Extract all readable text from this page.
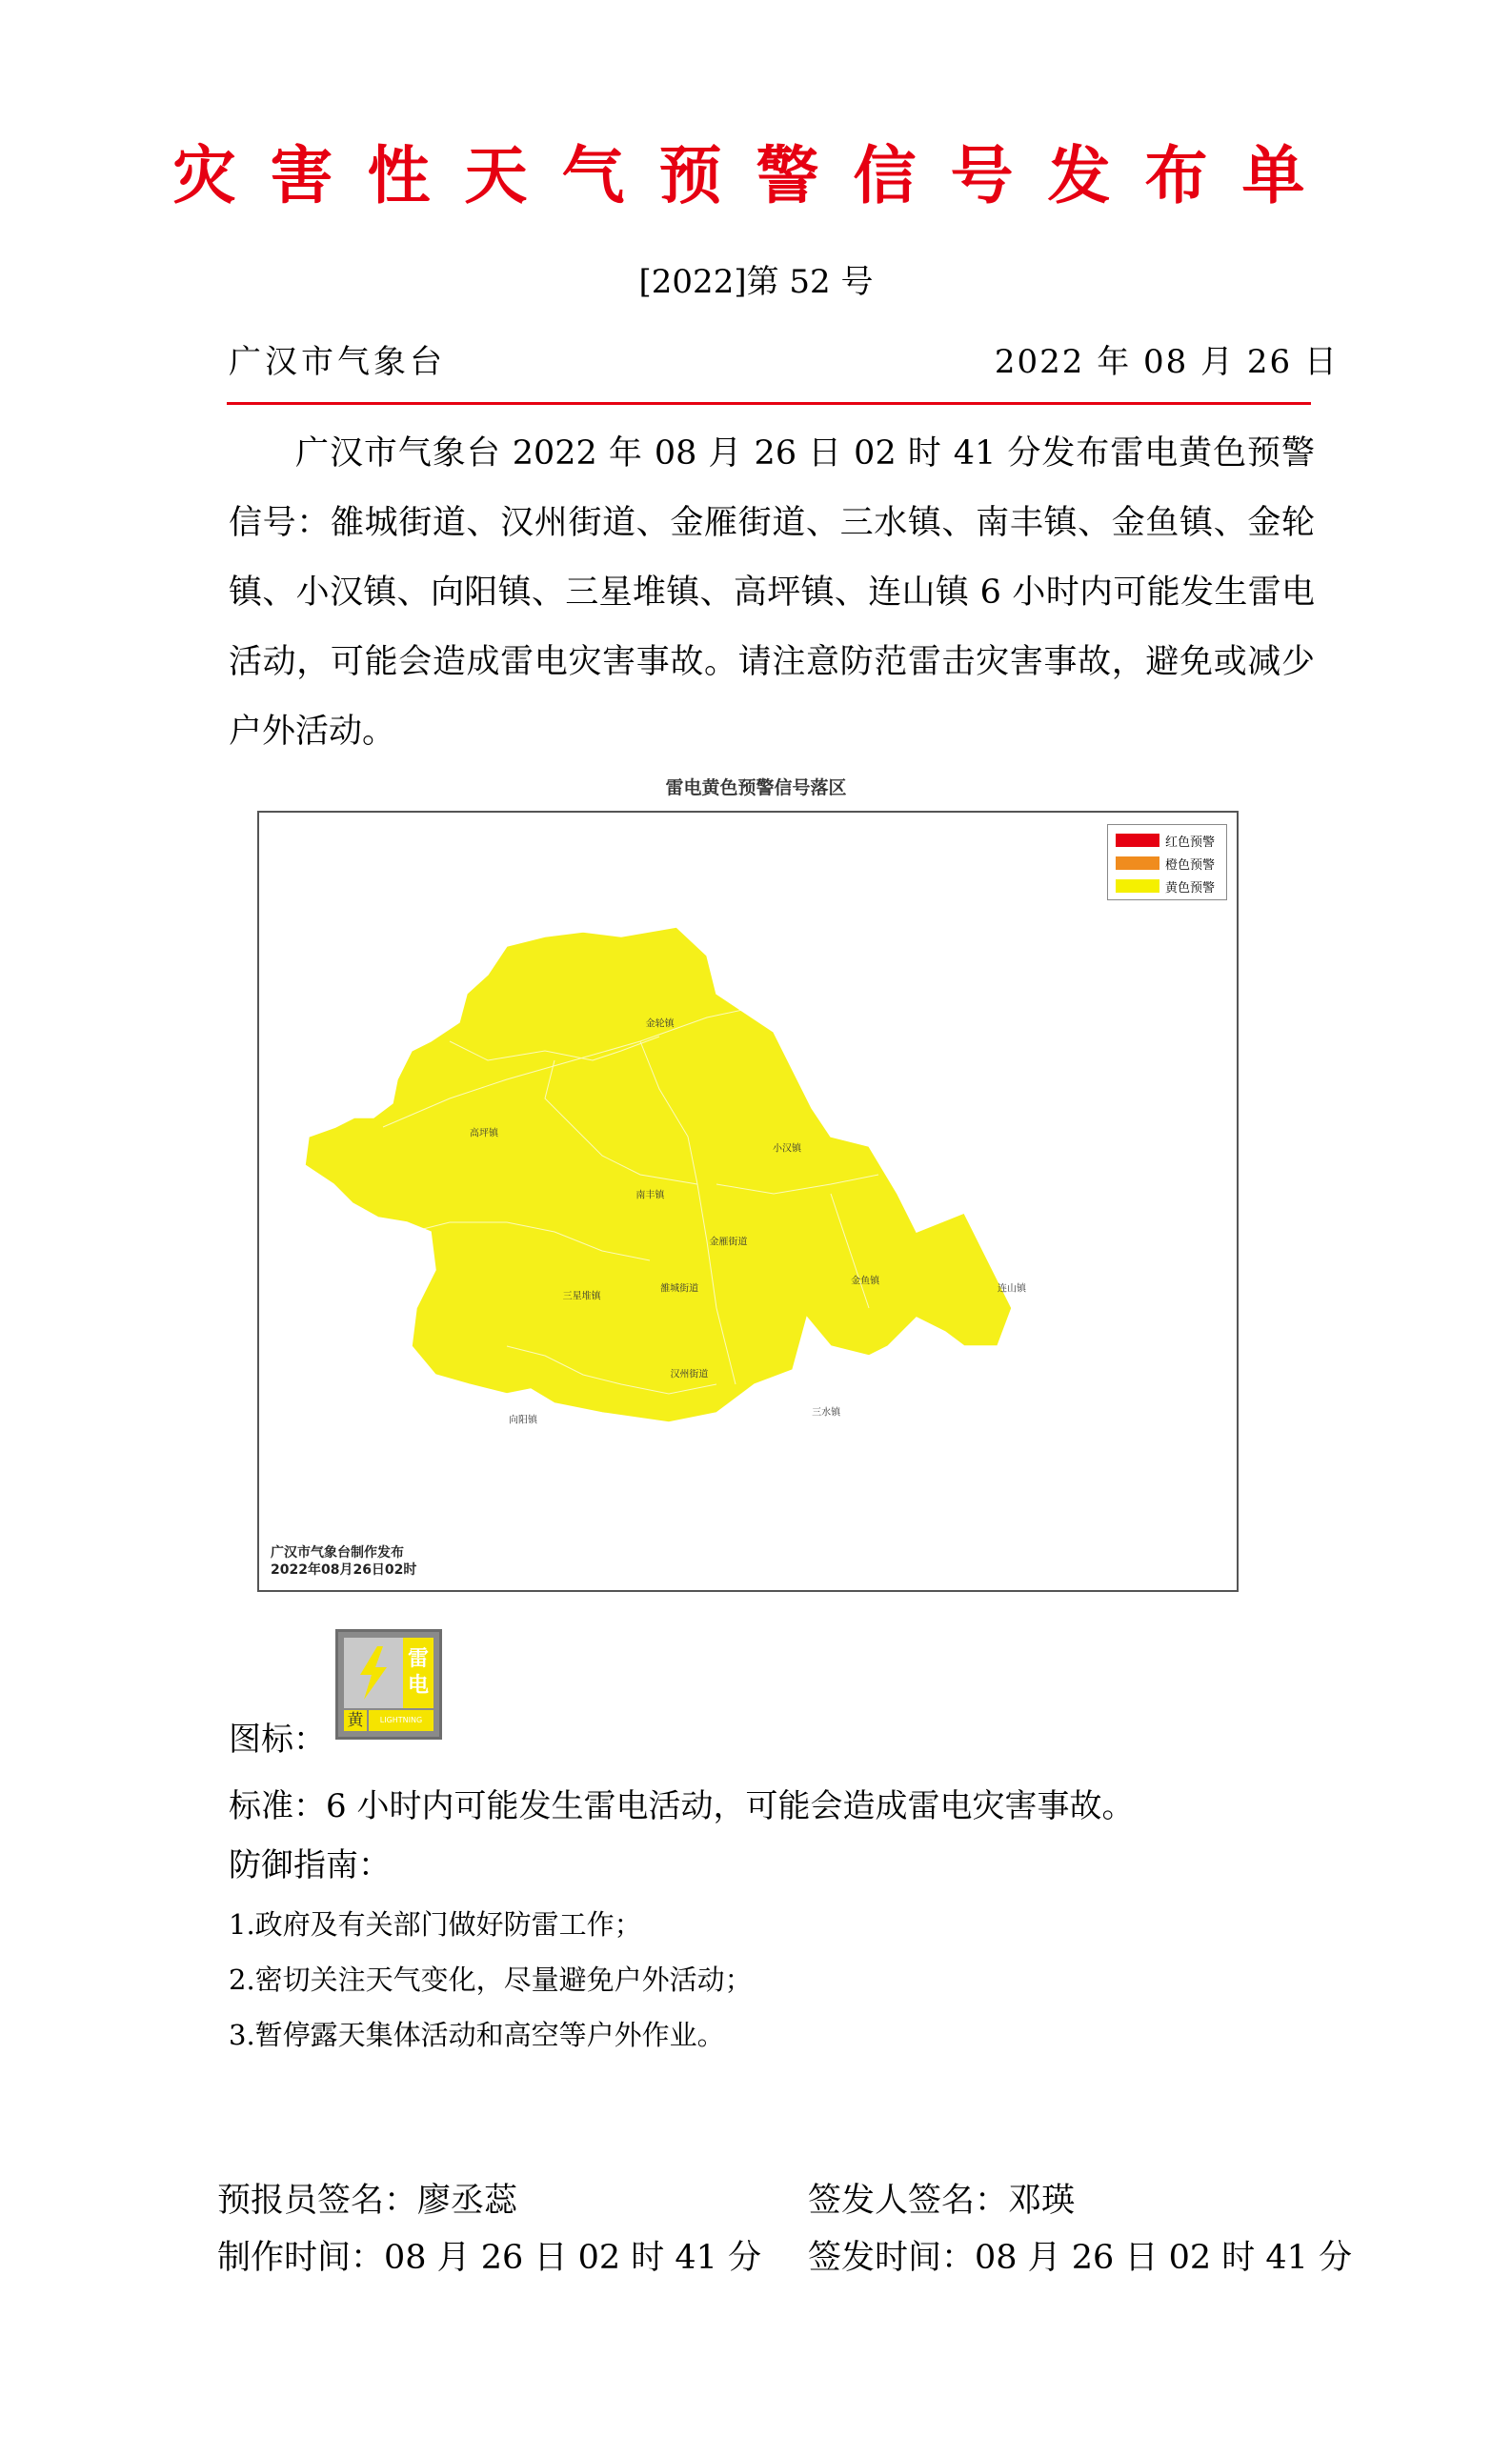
灾害性天气预警信号发布单
[2022]第 52 号
广汉市气象台	2022 年 08 月 26 日
广汉市气象台 2022 年 08 月 26 日 02 时 41 分发布雷电黄色预警信号：雒城街道、汉州街道、金雁街道、三水镇、南丰镇、金鱼镇、金轮镇、小汉镇、向阳镇、三星堆镇、高坪镇、连山镇 6 小时内可能发生雷电活动，可能会造成雷电灾害事故。请注意防范雷击灾害事故，避免或减少户外活动。
雷电黄色预警信号落区
红色预警
橙色预警
黄色预警
金轮镇
高坪镇
小汉镇
南丰镇
金雁街道
金鱼镇
连山镇
三星堆镇
雒城街道
汉州街道
向阳镇
三水镇
广汉市气象台制作发布
2022年08月26日02时
图标：
雷
电
黄	LIGHTNING
标准：6 小时内可能发生雷电活动，可能会造成雷电灾害事故。
防御指南：
1.政府及有关部门做好防雷工作；
2.密切关注天气变化，尽量避免户外活动；
3.暂停露天集体活动和高空等户外作业。
预报员签名：廖丞蕊	签发人签名：邓瑛
制作时间：08 月 26 日 02 时 41 分 签发时间：08 月 26 日 02 时 41 分
